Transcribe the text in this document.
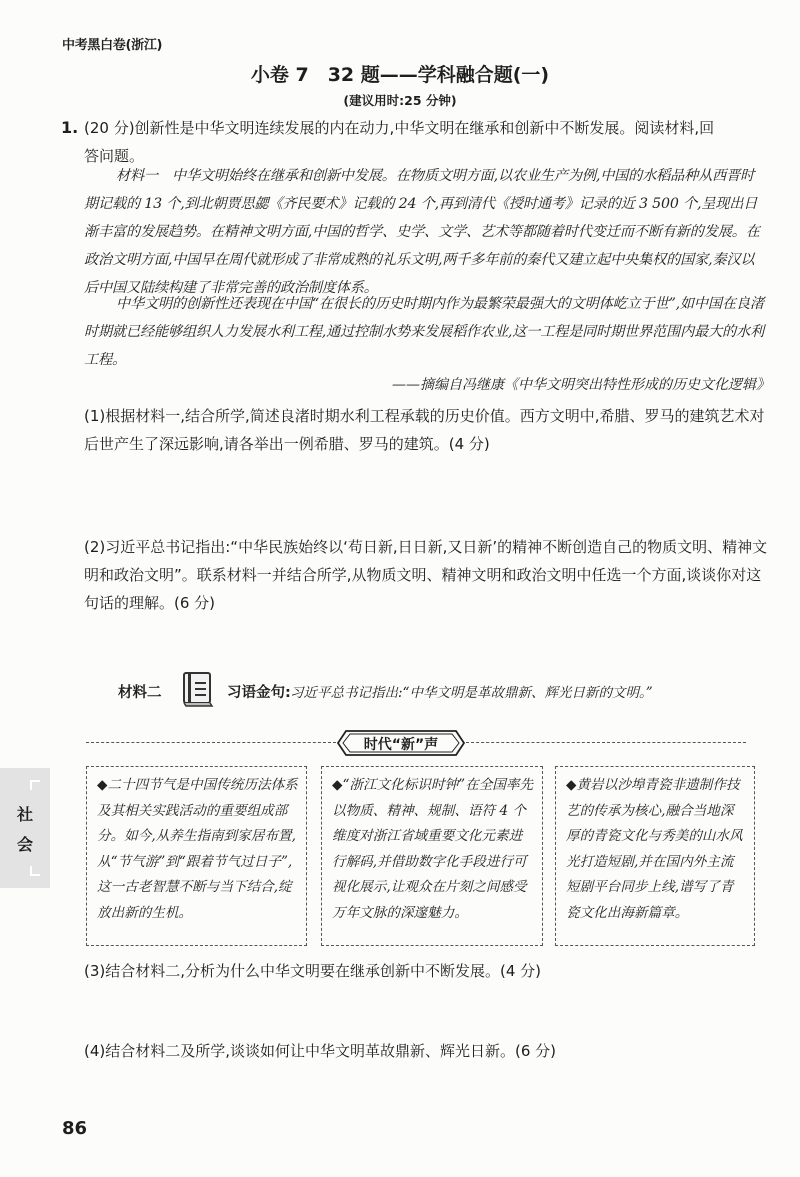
中考黑白卷(浙江)
小卷 7　32 题——学科融合题(一)
(建议用时:25 分钟)
1. (20 分)创新性是中华文明连续发展的内在动力,中华文明在继承和创新中不断发展。阅读材料,回
答问题。

材料一　中华文明始终在继承和创新中发展。在物质文明方面,以农业生产为例,中国的水稻品种从西晋时期记载的 13 个,到北朝贾思勰《齐民要术》记载的 24 个,再到清代《授时通考》记录的近 3 500 个,呈现出日渐丰富的发展趋势。在精神文明方面,中国的哲学、史学、文学、艺术等都随着时代变迁而不断有新的发展。在政治文明方面,中国早在周代就形成了非常成熟的礼乐文明,两千多年前的秦代又建立起中央集权的国家,秦汉以后中国又陆续构建了非常完善的政治制度体系。

中华文明的创新性还表现在中国“在很长的历史时期内作为最繁荣最强大的文明体屹立于世”,如中国在良渚时期就已经能够组织人力发展水利工程,通过控制水势来发展稻作农业,这一工程是同时期世界范围内最大的水利工程。

——摘编自冯继康《中华文明突出特性形成的历史文化逻辑》

(1)根据材料一,结合所学,简述良渚时期水利工程承载的历史价值。西方文明中,希腊、罗马的建筑艺术对后世产生了深远影响,请各举出一例希腊、罗马的建筑。(4 分)

(2)习近平总书记指出:“中华民族始终以‘苟日新,日日新,又日新’的精神不断创造自己的物质文明、精神文明和政治文明”。联系材料一并结合所学,从物质文明、精神文明和政治文明中任选一个方面,谈谈你对这句话的理解。(6 分)

材料二	习语金句: 习近平总书记指出:“中华文明是革故鼎新、辉光日新的文明。”
时代“新”声
◆二十四节气是中国传统历法体系及其相关实践活动的重要组成部分。如今,从养生指南到家居布置,从“节气游”到“跟着节气过日子”,这一古老智慧不断与当下结合,绽放出新的生机。
◆“浙江文化标识时钟”在全国率先以物质、精神、规制、语符 4 个维度对浙江省域重要文化元素进行解码,并借助数字化手段进行可视化展示,让观众在片刻之间感受万年文脉的深邃魅力。
◆黄岩以沙埠青瓷非遗制作技艺的传承为核心,融合当地深厚的青瓷文化与秀美的山水风光打造短剧,并在国内外主流短剧平台同步上线,谱写了青瓷文化出海新篇章。

(3)结合材料二,分析为什么中华文明要在继承创新中不断发展。(4 分)

(4)结合材料二及所学,谈谈如何让中华文明革故鼎新、辉光日新。(6 分)

社
会
86
